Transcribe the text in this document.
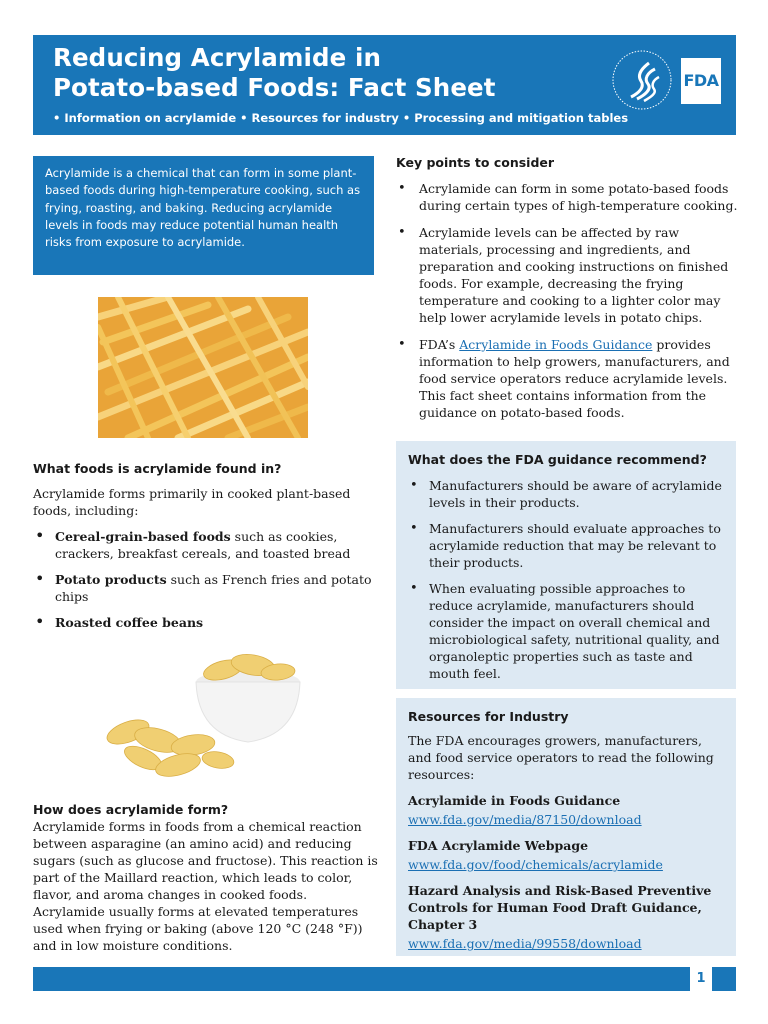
Reducing Acrylamide in
Potato-based Foods: Fact Sheet
• Information on acrylamide • Resources for industry • Processing and mitigation tables
FDA
Acrylamide is a chemical that can form in some plant-based foods during high-temperature cooking, such as frying, roasting, and baking. Reducing acrylamide levels in foods may reduce potential human health risks from exposure to acrylamide.
What foods is acrylamide found in?

Acrylamide forms primarily in cooked plant-based foods, including:

• Cereal-grain-based foods such as cookies, crackers, breakfast cereals, and toasted bread
• Potato products such as French fries and potato chips
• Roasted coffee beans
How does acrylamide form?

Acrylamide forms in foods from a chemical reaction between asparagine (an amino acid) and reducing sugars (such as glucose and fructose). This reaction is part of the Maillard reaction, which leads to color, flavor, and aroma changes in cooked foods. Acrylamide usually forms at elevated temperatures used when frying or baking (above 120 °C (248 °F)) and in low moisture conditions.

Key points to consider
• Acrylamide can form in some potato-based foods during certain types of high-temperature cooking.
• Acrylamide levels can be affected by raw materials, processing and ingredients, and preparation and cooking instructions on finished foods. For example, decreasing the frying temperature and cooking to a lighter color may help lower acrylamide levels in potato chips.
• FDA’s Acrylamide in Foods Guidance provides information to help growers, manufacturers, and food service operators reduce acrylamide levels. This fact sheet contains information from the guidance on potato-based foods.
What does the FDA guidance recommend?
• Manufacturers should be aware of acrylamide levels in their products.
• Manufacturers should evaluate approaches to acrylamide reduction that may be relevant to their products.
• When evaluating possible approaches to reduce acrylamide, manufacturers should consider the impact on overall chemical and microbiological safety, nutritional quality, and organoleptic properties such as taste and mouth feel.
Resources for Industry

The FDA encourages growers, manufacturers, and food service operators to read the following resources:

Acrylamide in Foods Guidance
www.fda.gov/media/87150/download
FDA Acrylamide Webpage
www.fda.gov/food/chemicals/acrylamide
Hazard Analysis and Risk-Based Preventive Controls for Human Food Draft Guidance, Chapter 3
www.fda.gov/media/99558/download
1
